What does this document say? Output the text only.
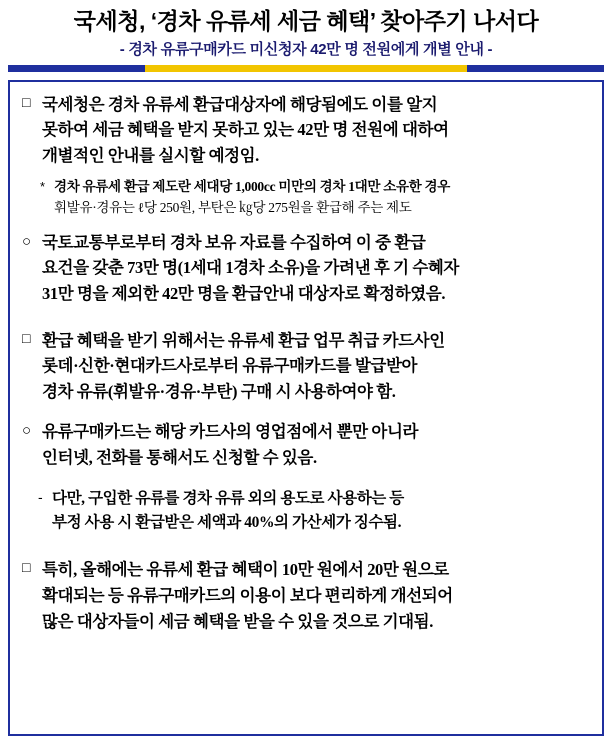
국세청, ‘경차 유류세 세금 혜택’ 찾아주기 나서다
- 경차 유류구매카드 미신청자 42만 명 전원에게 개별 안내 -
□ 국세청은 경차 유류세 환급대상자에 해당됨에도 이를 알지
못하여 세금 혜택을 받지 못하고 있는 42만 명 전원에 대하여
개별적인 안내를 실시할 예정임.
* 경차 유류세 환급 제도란 세대당 1,000cc 미만의 경차 1대만 소유한 경우
휘발유·경유는 ℓ당 250원, 부탄은 ㎏당 275원을 환급해 주는 제도
○ 국토교통부로부터 경차 보유 자료를 수집하여 이 중 환급
요건을 갖춘 73만 명(1세대 1경차 소유)을 가려낸 후 기 수혜자
31만 명을 제외한 42만 명을 환급안내 대상자로 확정하였음.
□ 환급 혜택을 받기 위해서는 유류세 환급 업무 취급 카드사인
롯데·신한·현대카드사로부터 유류구매카드를 발급받아
경차 유류(휘발유·경유·부탄) 구매 시 사용하여야 함.
○ 유류구매카드는 해당 카드사의 영업점에서 뿐만 아니라
인터넷, 전화를 통해서도 신청할 수 있음.
- 다만, 구입한 유류를 경차 유류 외의 용도로 사용하는 등
부정 사용 시 환급받은 세액과 40%의 가산세가 징수됨.
□ 특히, 올해에는 유류세 환급 혜택이 10만 원에서 20만 원으로
확대되는 등 유류구매카드의 이용이 보다 편리하게 개선되어
많은 대상자들이 세금 혜택을 받을 수 있을 것으로 기대됨.
